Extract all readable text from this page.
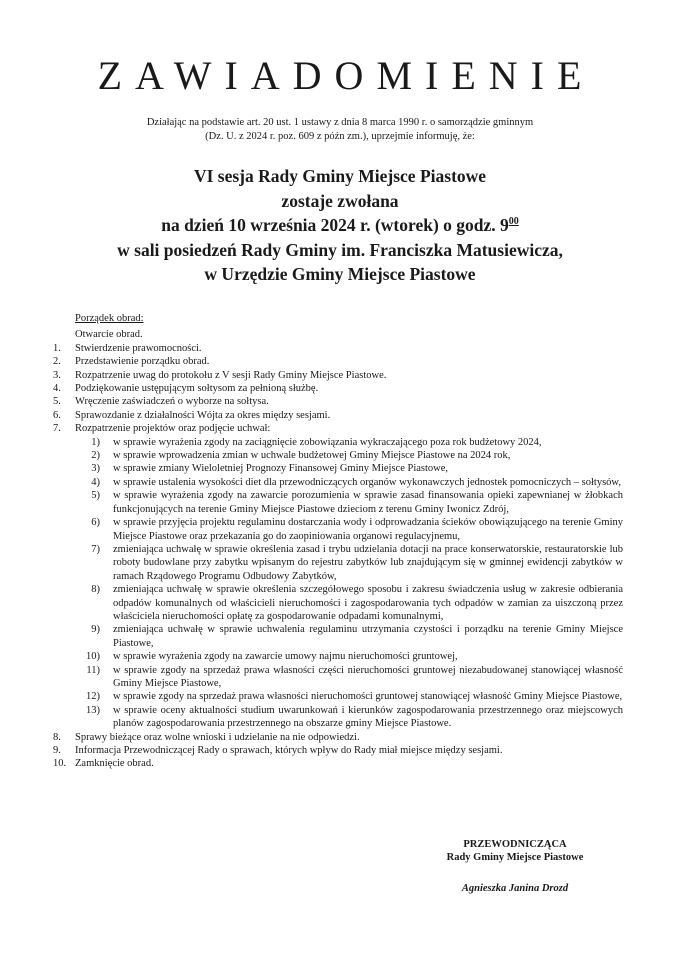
ZAWIADOMIENIE
Działając na podstawie art. 20 ust. 1 ustawy z dnia 8 marca 1990 r. o samorządzie gminnym
(Dz. U. z 2024 r. poz. 609 z późn zm.), uprzejmie informuję, że:
VI sesja Rady Gminy Miejsce Piastowe
zostaje zwołana
na dzień 10 września 2024 r. (wtorek) o godz. $9^{00}$
w sali posiedzeń Rady Gminy im. Franciszka Matusiewicza,
w Urzędzie Gminy Miejsce Piastowe
Porządek obrad:
Otwarcie obrad.
1.	Stwierdzenie prawomocności.
2.	Przedstawienie porządku obrad.
3.	Rozpatrzenie uwag do protokołu z V sesji Rady Gminy Miejsce Piastowe.
4.	Podziękowanie ustępującym sołtysom za pełnioną służbę.
5.	Wręczenie zaświadczeń o wyborze na sołtysa.
6.	Sprawozdanie z działalności Wójta za okres między sesjami.
7.	Rozpatrzenie projektów oraz podjęcie uchwał:
1)	w sprawie wyrażenia zgody na zaciągnięcie zobowiązania wykraczającego poza rok budżetowy 2024,
2)	w sprawie wprowadzenia zmian w uchwale budżetowej Gminy Miejsce Piastowe na 2024 rok,
3)	w sprawie zmiany Wieloletniej Prognozy Finansowej Gminy Miejsce Piastowe,
4)	w sprawie ustalenia wysokości diet dla przewodniczących organów wykonawczych jednostek pomocniczych – sołtysów,
5)	w sprawie wyrażenia zgody na zawarcie porozumienia w sprawie zasad finansowania opieki zapewnianej w żłobkach funkcjonujących na terenie Gminy Miejsce Piastowe dzieciom z terenu Gminy Iwonicz Zdrój,
6)	w sprawie przyjęcia projektu regulaminu dostarczania wody i odprowadzania ścieków obowiązującego na terenie Gminy Miejsce Piastowe oraz przekazania go do zaopiniowania organowi regulacyjnemu,
7)	zmieniająca uchwałę w sprawie określenia zasad i trybu udzielania dotacji na prace konserwatorskie, restauratorskie lub roboty budowlane przy zabytku wpisanym do rejestru zabytków lub znajdującym się w gminnej ewidencji zabytków w ramach Rządowego Programu Odbudowy Zabytków,
8)	zmieniająca uchwałę w sprawie określenia szczegółowego sposobu i zakresu świadczenia usług w zakresie odbierania odpadów komunalnych od właścicieli nieruchomości i zagospodarowania tych odpadów w zamian za uiszczoną przez właściciela nieruchomości opłatę za gospodarowanie odpadami komunalnymi,
9)	zmieniająca uchwałę w sprawie uchwalenia regulaminu utrzymania czystości i porządku na terenie Gminy Miejsce Piastowe,
10)	w sprawie wyrażenia zgody na zawarcie umowy najmu nieruchomości gruntowej,
11)	w sprawie zgody na sprzedaż prawa własności części nieruchomości gruntowej niezabudowanej stanowiącej własność Gminy Miejsce Piastowe,
12)	w sprawie zgody na sprzedaż prawa własności nieruchomości gruntowej stanowiącej własność Gminy Miejsce Piastowe,
13)	w sprawie oceny aktualności studium uwarunkowań i kierunków zagospodarowania przestrzennego oraz miejscowych planów zagospodarowania przestrzennego na obszarze gminy Miejsce Piastowe.
8.	Sprawy bieżące oraz wolne wnioski i udzielanie na nie odpowiedzi.
9.	Informacja Przewodniczącej Rady o sprawach, których wpływ do Rady miał miejsce między sesjami.
10. Zamknięcie obrad.
PRZEWODNICZĄCA
Rady Gminy Miejsce Piastowe
Agnieszka Janina Drozd
